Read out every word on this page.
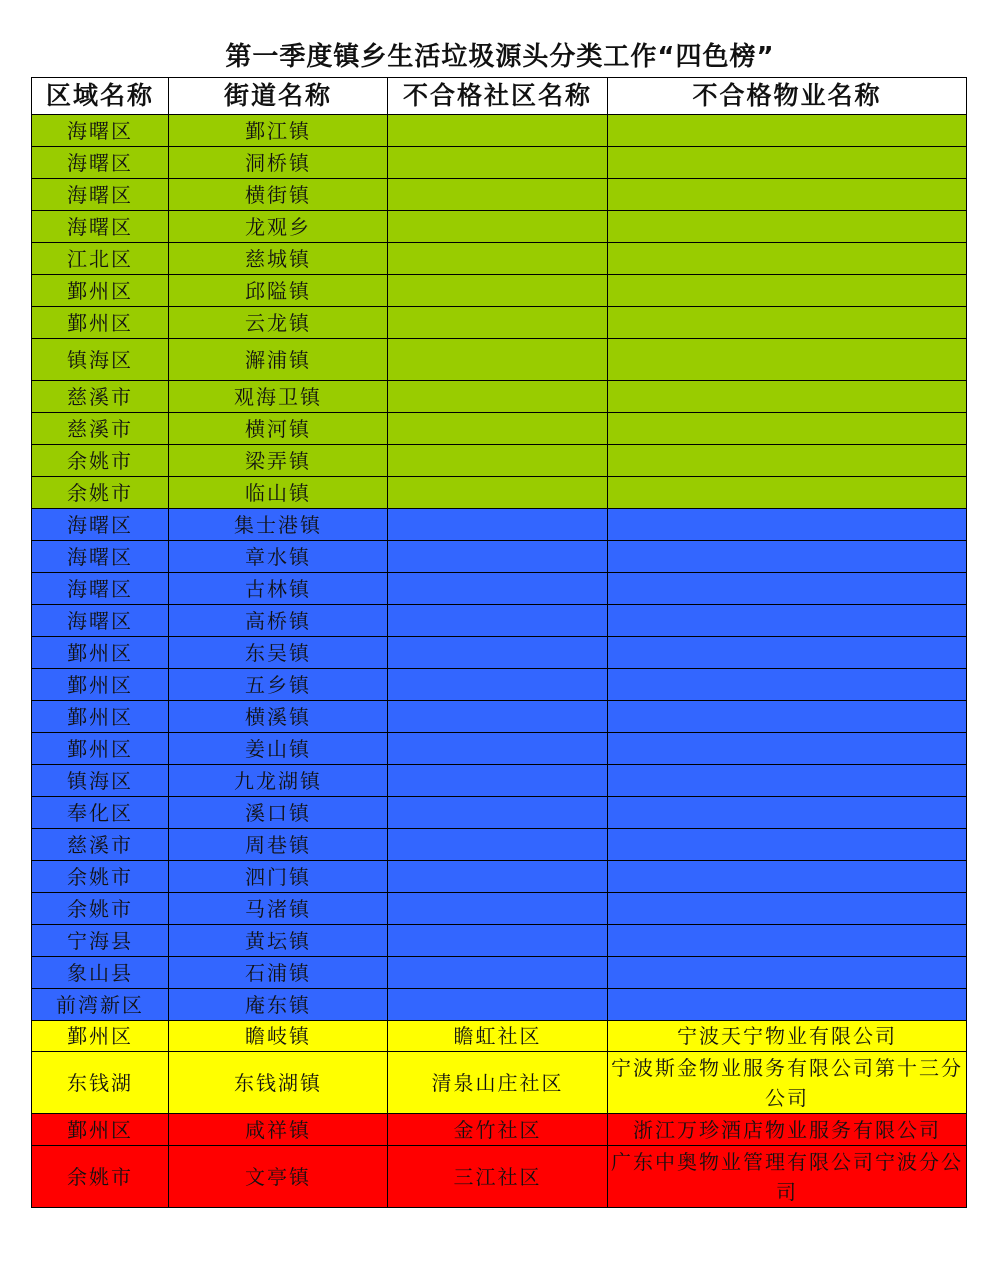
第一季度镇乡生活垃圾源头分类工作“四色榜”
区域名称	街道名称	不合格社区名称	不合格物业名称
海曙区	鄞江镇		
海曙区	洞桥镇		
海曙区	横街镇		
海曙区	龙观乡		
江北区	慈城镇		
鄞州区	邱隘镇		
鄞州区	云龙镇		
镇海区	澥浦镇		
慈溪市	观海卫镇		
慈溪市	横河镇		
余姚市	梁弄镇		
余姚市	临山镇		
海曙区	集士港镇		
海曙区	章水镇		
海曙区	古林镇		
海曙区	高桥镇		
鄞州区	东吴镇		
鄞州区	五乡镇		
鄞州区	横溪镇		
鄞州区	姜山镇		
镇海区	九龙湖镇		
奉化区	溪口镇		
慈溪市	周巷镇		
余姚市	泗门镇		
余姚市	马渚镇		
宁海县	黄坛镇		
象山县	石浦镇		
前湾新区	庵东镇		
鄞州区	瞻岐镇	瞻虹社区	宁波天宁物业有限公司
东钱湖	东钱湖镇	清泉山庄社区	宁波斯金物业服务有限公司第十三分公司
鄞州区	咸祥镇	金竹社区	浙江万珍酒店物业服务有限公司
余姚市	文亭镇	三江社区	广东中奥物业管理有限公司宁波分公司
